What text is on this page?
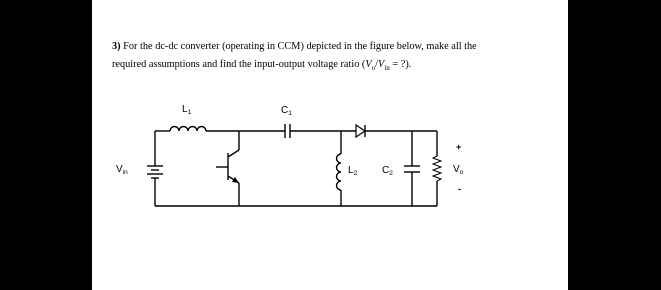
3) For the dc-dc converter (operating in CCM) depicted in the figure below, make all the
required assumptions and find the input-output voltage ratio ($V_o/V_{in}$ = ?).
$V_{in}$
$L_1$	$C_1$
$L_2$ $C_2$
+
$V_o$
-
